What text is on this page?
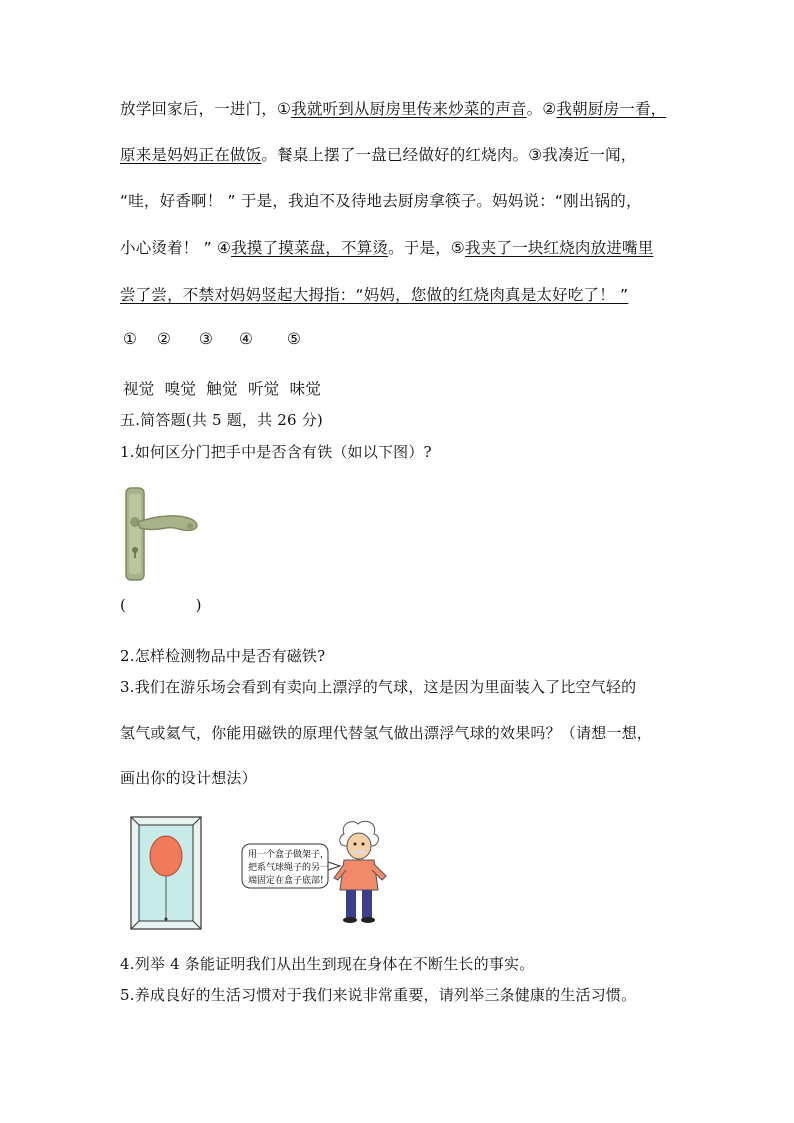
放学回家后，一进门，①我就听到从厨房里传来炒菜的声音。②我朝厨房一看，
原来是妈妈正在做饭。餐桌上摆了一盘已经做好的红烧肉。③我凑近一闻，
“哇，好香啊！ ” 于是，我迫不及待地去厨房拿筷子。妈妈说：“刚出锅的，
小心烫着！ ” ④我摸了摸菜盘，不算烫。于是，⑤我夹了一块红烧肉放进嘴里
尝了尝，不禁对妈妈竖起大拇指：“妈妈，您做的红烧肉真是太好吃了！ ”
① ② ③ ④ ⑤
视觉  嗅觉  触觉  听觉  味觉
五.简答题(共 5 题，共 26 分)
1.如何区分门把手中是否含有铁（如以下图）?
(              )
2.怎样检测物品中是否有磁铁?
3.我们在游乐场会看到有卖向上漂浮的气球，这是因为里面装入了比空气轻的
氢气或氦气，你能用磁铁的原理代替氢气做出漂浮气球的效果吗？（请想一想，
画出你的设计想法）
用一个盒子做架子，
把系气球绳子的另一
端固定在盒子底部!
4.列举 4 条能证明我们从出生到现在身体在不断生长的事实。
5.养成良好的生活习惯对于我们来说非常重要，请列举三条健康的生活习惯。
